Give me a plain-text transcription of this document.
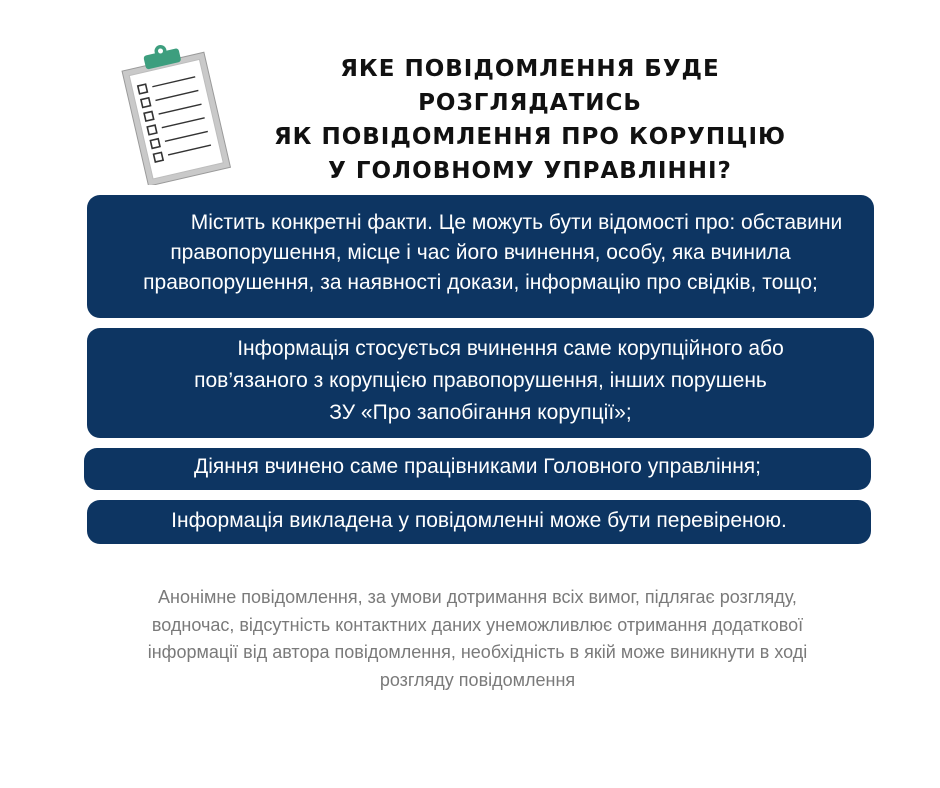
ЯКЕ ПОВІДОМЛЕННЯ БУДЕ РОЗГЛЯДАТИСЬ
ЯК ПОВІДОМЛЕННЯ ПРО КОРУПЦІЮ
У ГОЛОВНОМУ УПРАВЛІННІ?
Містить конкретні факти. Це можуть бути відомості про: обставини
правопорушення, місце і час його вчинення, особу, яка вчинила
правопорушення, за наявності докази, інформацію про свідків, тощо;
Інформація стосується вчинення саме корупційного або
пов’язаного з корупцією правопорушення, інших порушень
ЗУ «Про запобігання корупції»;
Діяння вчинено саме працівниками Головного управління;
Інформація викладена у повідомленні може бути перевіреною.
Анонімне повідомлення, за умови дотримання всіх вимог, підлягає розгляду,
водночас, відсутність контактних даних унеможливлює отримання додаткової
інформації від автора повідомлення, необхідність в якій може виникнути в ході
розгляду повідомлення
